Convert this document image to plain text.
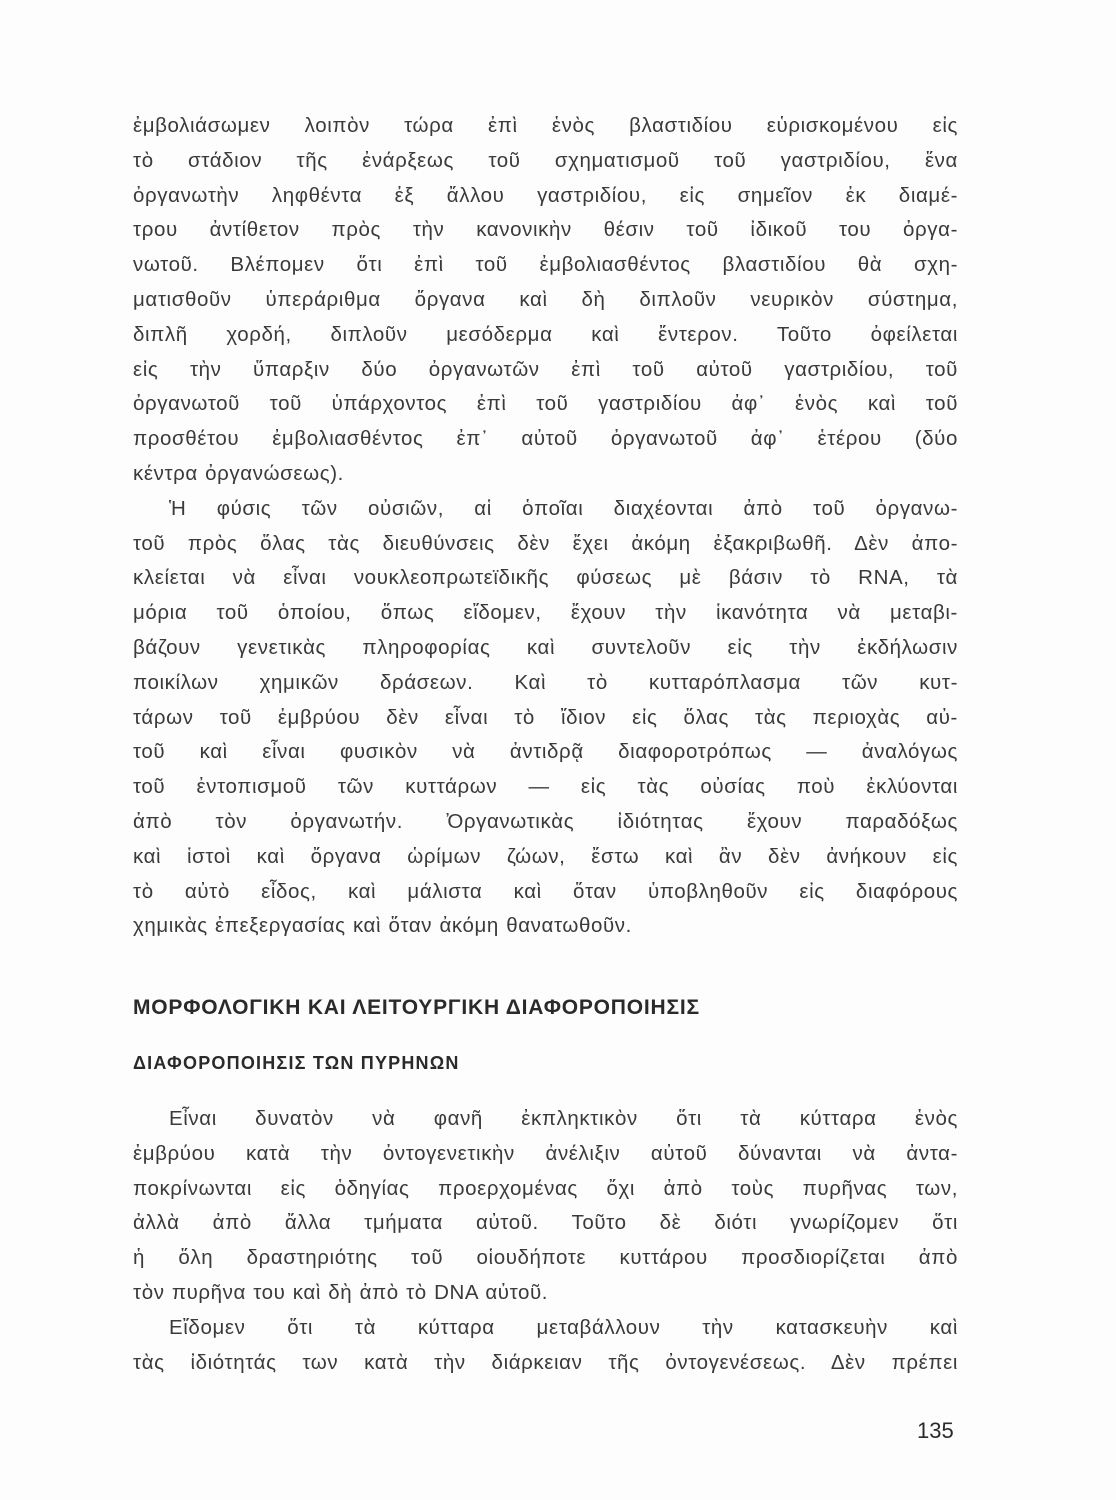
ἐμβολιάσωμεν λοιπὸν τώρα ἐπὶ ἑνὸς βλαστιδίου εὑρισκομένου εἰς
τὸ στάδιον τῆς ἐνάρξεως τοῦ σχηματισμοῦ τοῦ γαστριδίου, ἕνα
ὀργανωτὴν ληφθέντα ἐξ ἄλλου γαστριδίου, εἰς σημεῖον ἐκ διαμέ-
τρου ἀντίθετον πρὸς τὴν κανονικὴν θέσιν τοῦ ἰδικοῦ του ὀργα-
νωτοῦ. Βλέπομεν ὅτι ἐπὶ τοῦ ἐμβολιασθέντος βλαστιδίου θὰ σχη-
ματισθοῦν ὑπεράριθμα ὄργανα καὶ δὴ διπλοῦν νευρικὸν σύστημα,
διπλῆ χορδή, διπλοῦν μεσόδερμα καὶ ἔντερον. Τοῦτο ὀφείλεται
εἰς τὴν ὕπαρξιν δύο ὀργανωτῶν ἐπὶ τοῦ αὐτοῦ γαστριδίου, τοῦ
ὀργανωτοῦ τοῦ ὑπάρχοντος ἐπὶ τοῦ γαστριδίου ἀφ᾽ ἑνὸς καὶ τοῦ
προσθέτου ἐμβολιασθέντος ἐπ᾽ αὐτοῦ ὀργανωτοῦ ἀφ᾽ ἑτέρου (δύο
κέντρα ὀργανώσεως).
Ἡ φύσις τῶν οὐσιῶν, αἱ ὁποῖαι διαχέονται ἀπὸ τοῦ ὀργανω-
τοῦ πρὸς ὅλας τὰς διευθύνσεις δὲν ἔχει ἀκόμη ἐξακριβωθῆ. Δὲν ἀπο-
κλείεται νὰ εἶναι νουκλεοπρωτεϊδικῆς φύσεως μὲ βάσιν τὸ RNA, τὰ
μόρια τοῦ ὁποίου, ὅπως εἴδομεν, ἔχουν τὴν ἱκανότητα νὰ μεταβι-
βάζουν γενετικὰς πληροφορίας καὶ συντελοῦν εἰς τὴν ἐκδήλωσιν
ποικίλων χημικῶν δράσεων. Καὶ τὸ κυτταρόπλασμα τῶν κυτ-
τάρων τοῦ ἐμβρύου δὲν εἶναι τὸ ἴδιον εἰς ὅλας τὰς περιοχὰς αὐ-
τοῦ καὶ εἶναι φυσικὸν νὰ ἀντιδρᾷ διαφοροτρόπως — ἀναλόγως
τοῦ ἐντοπισμοῦ τῶν κυττάρων — εἰς τὰς οὐσίας ποὺ ἐκλύονται
ἀπὸ τὸν ὀργανωτήν. Ὀργανωτικὰς ἰδιότητας ἔχουν παραδόξως
καὶ ἱστοὶ καὶ ὄργανα ὡρίμων ζώων, ἔστω καὶ ἂν δὲν ἀνήκουν εἰς
τὸ αὐτὸ εἶδος, καὶ μάλιστα καὶ ὅταν ὑποβληθοῦν εἰς διαφόρους
χημικὰς ἐπεξεργασίας καὶ ὅταν ἀκόμη θανατωθοῦν.
ΜΟΡΦΟΛΟΓΙΚΗ ΚΑΙ ΛΕΙΤΟΥΡΓΙΚΗ ΔΙΑΦΟΡΟΠΟΙΗΣΙΣ
ΔΙΑΦΟΡΟΠΟΙΗΣΙΣ ΤΩΝ ΠΥΡΗΝΩΝ
Εἶναι δυνατὸν νὰ φανῆ ἐκπληκτικὸν ὅτι τὰ κύτταρα ἑνὸς
ἐμβρύου κατὰ τὴν ὀντογενετικὴν ἀνέλιξιν αὐτοῦ δύνανται νὰ ἀντα-
ποκρίνωνται εἰς ὁδηγίας προερχομένας ὄχι ἀπὸ τοὺς πυρῆνας των,
ἀλλὰ ἀπὸ ἄλλα τμήματα αὐτοῦ. Τοῦτο δὲ διότι γνωρίζομεν ὅτι
ἡ ὅλη δραστηριότης τοῦ οἱουδήποτε κυττάρου προσδιορίζεται ἀπὸ
τὸν πυρῆνα του καὶ δὴ ἀπὸ τὸ DNA αὐτοῦ.
Εἴδομεν ὅτι τὰ κύτταρα μεταβάλλουν τὴν κατασκευὴν καὶ
τὰς ἰδιότητάς των κατὰ τὴν διάρκειαν τῆς ὀντογενέσεως. Δὲν πρέπει
135
